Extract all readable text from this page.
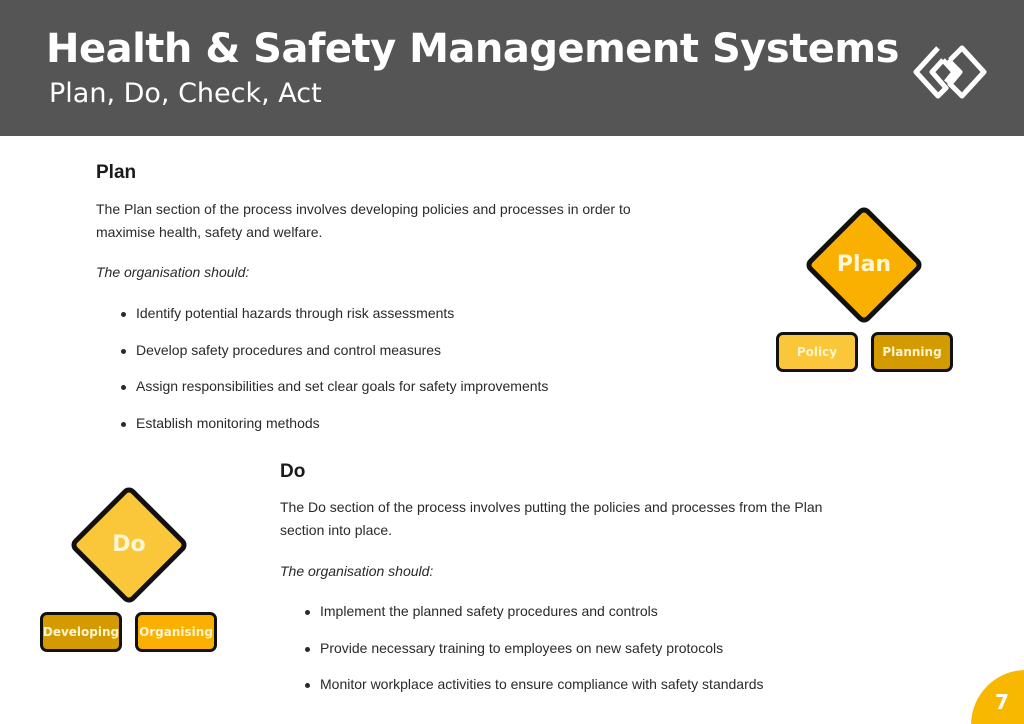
Health & Safety Management Systems
Plan, Do, Check, Act
Plan
The Plan section of the process involves developing policies and processes in order to
maximise health, safety and welfare.
The organisation should:
Identify potential hazards through risk assessments
Develop safety procedures and control measures
Assign responsibilities and set clear goals for safety improvements
Establish monitoring methods
Plan
Policy	Planning
Do
The Do section of the process involves putting the policies and processes from the Plan
section into place.
The organisation should:
Implement the planned safety procedures and controls
Provide necessary training to employees on new safety protocols
Monitor workplace activities to ensure compliance with safety standards
Do
Developing	Organising
7
